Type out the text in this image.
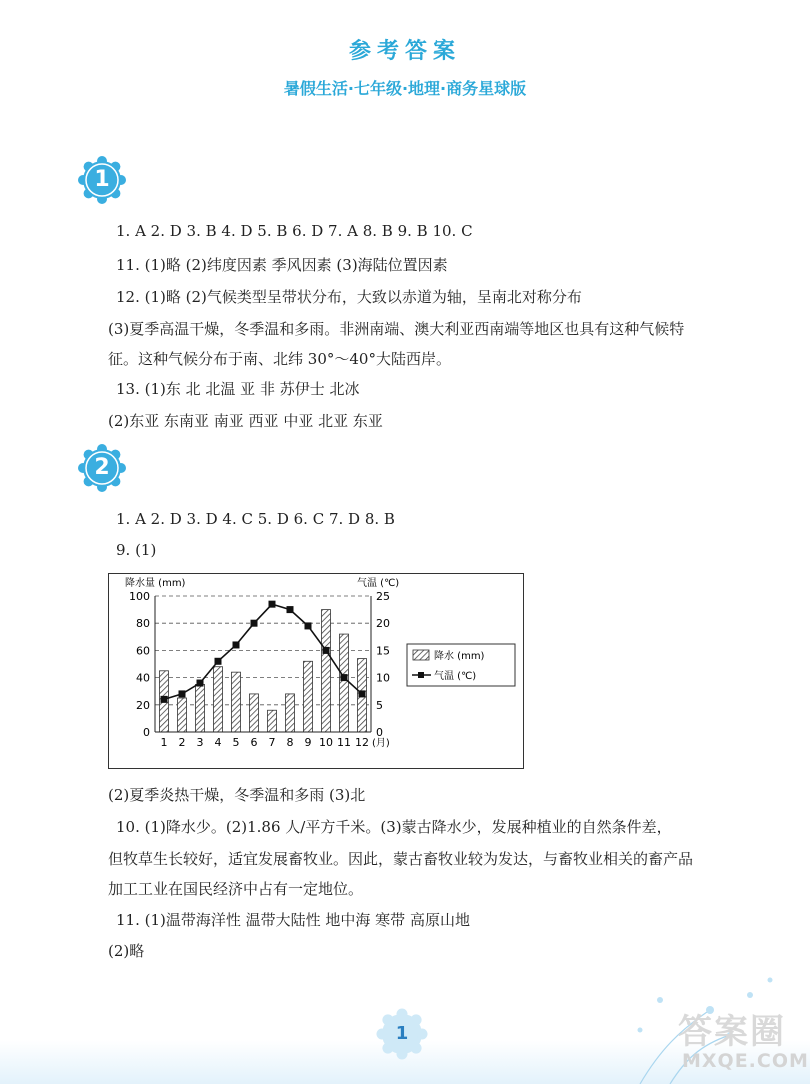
参考答案
暑假生活·七年级·地理·商务星球版
1
1. A 2. D 3. B 4. D 5. B 6. D 7. A 8. B 9. B 10. C
11. (1)略 (2)纬度因素 季风因素 (3)海陆位置因素
12. (1)略 (2)气候类型呈带状分布，大致以赤道为轴，呈南北对称分布
(3)夏季高温干燥，冬季温和多雨。非洲南端、澳大利亚西南端等地区也具有这种气候特
征。这种气候分布于南、北纬 30°～40°大陆西岸。
13. (1)东 北 北温 亚 非 苏伊士 北冰
(2)东亚 东南亚 南亚 西亚 中亚 北亚 东亚
2
1. A 2. D 3. D 4. C 5. D 6. C 7. D 8. B
9. (1)
降水量 (mm)	气温 (℃)
0
20
40
60
80
100
0
5
10
15
20
25
1 2 3 4 5 6 7 8 9 10 11 12 (月)
降水 (mm)
气温 (℃)
(2)夏季炎热干燥，冬季温和多雨 (3)北
10. (1)降水少。(2)1.86 人/平方千米。(3)蒙古降水少，发展种植业的自然条件差，
但牧草生长较好，适宜发展畜牧业。因此，蒙古畜牧业较为发达，与畜牧业相关的畜产品
加工工业在国民经济中占有一定地位。
11. (1)温带海洋性 温带大陆性 地中海 寒带 高原山地
(2)略
1	答案圈
MXQE.COM
